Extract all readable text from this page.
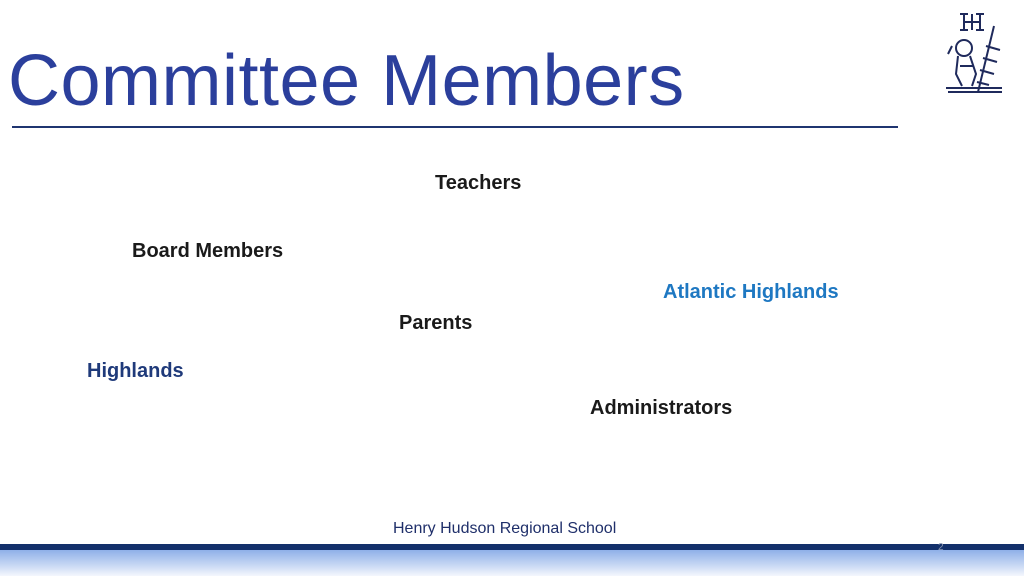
Committee Members
Teachers
Board Members
Atlantic Highlands
Parents
Highlands
Administrators
Henry Hudson Regional School
2
